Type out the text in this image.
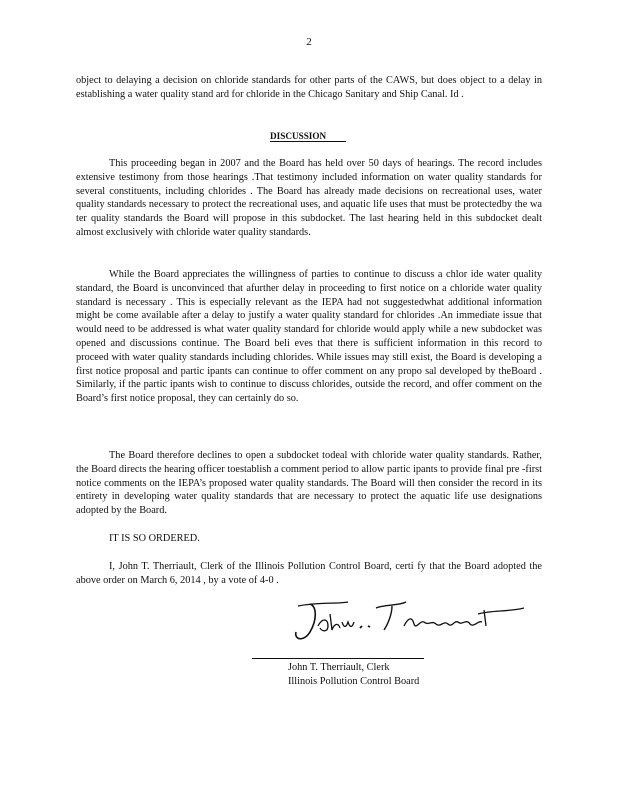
2
object to delaying a decision on chloride standards for other parts of the CAWS, but does object to a delay in establishing a water quality stand ard for chloride in the Chicago Sanitary and Ship Canal. Id .
DISCUSSION
This proceeding began in 2007 and the Board has held over 50 days of hearings. The record includes extensive testimony from those hearings .That testimony included information on water quality standards for several constituents, including chlorides . The Board has already made decisions on recreational uses, water quality standards necessary to protect the recreational uses, and aquatic life uses that must be protectedby the wa ter quality standards the Board will propose in this subdocket. The last hearing held in this subdocket dealt almost exclusively with chloride water quality standards.
While the Board appreciates the willingness of parties to continue to discuss a chlor ide water quality standard, the Board is unconvinced that afurther delay in proceeding to first notice on a chloride water quality standard is necessary . This is especially relevant as the IEPA had not suggestedwhat additional information might be come available after a delay to justify a water quality standard for chlorides .An immediate issue that would need to be addressed is what water quality standard for chloride would apply while a new subdocket was opened and discussions continue. The Board beli eves that there is sufficient information in this record to proceed with water quality standards including chlorides. While issues may still exist, the Board is developing a first notice proposal and partic ipants can continue to offer comment on any propo sal developed by theBoard . Similarly, if the partic ipants wish to continue to discuss chlorides, outside the record, and offer comment on the Board’s first notice proposal, they can certainly do so.
The Board therefore declines to open a subdocket todeal with chloride water quality standards. Rather, the Board directs the hearing officer toestablish a comment period to allow partic ipants to provide final pre -first notice comments on the IEPA’s proposed water quality standards. The Board will then consider the record in its entirety in developing water quality standards that are necessary to protect the aquatic life use designations adopted by the Board.
IT IS SO ORDERED.
I, John T. Therriault, Clerk of the Illinois Pollution Control Board, certi fy that the Board adopted the above order on March 6, 2014 , by a vote of 4-0 .
John T. Therriault, Clerk
Illinois Pollution Control Board
